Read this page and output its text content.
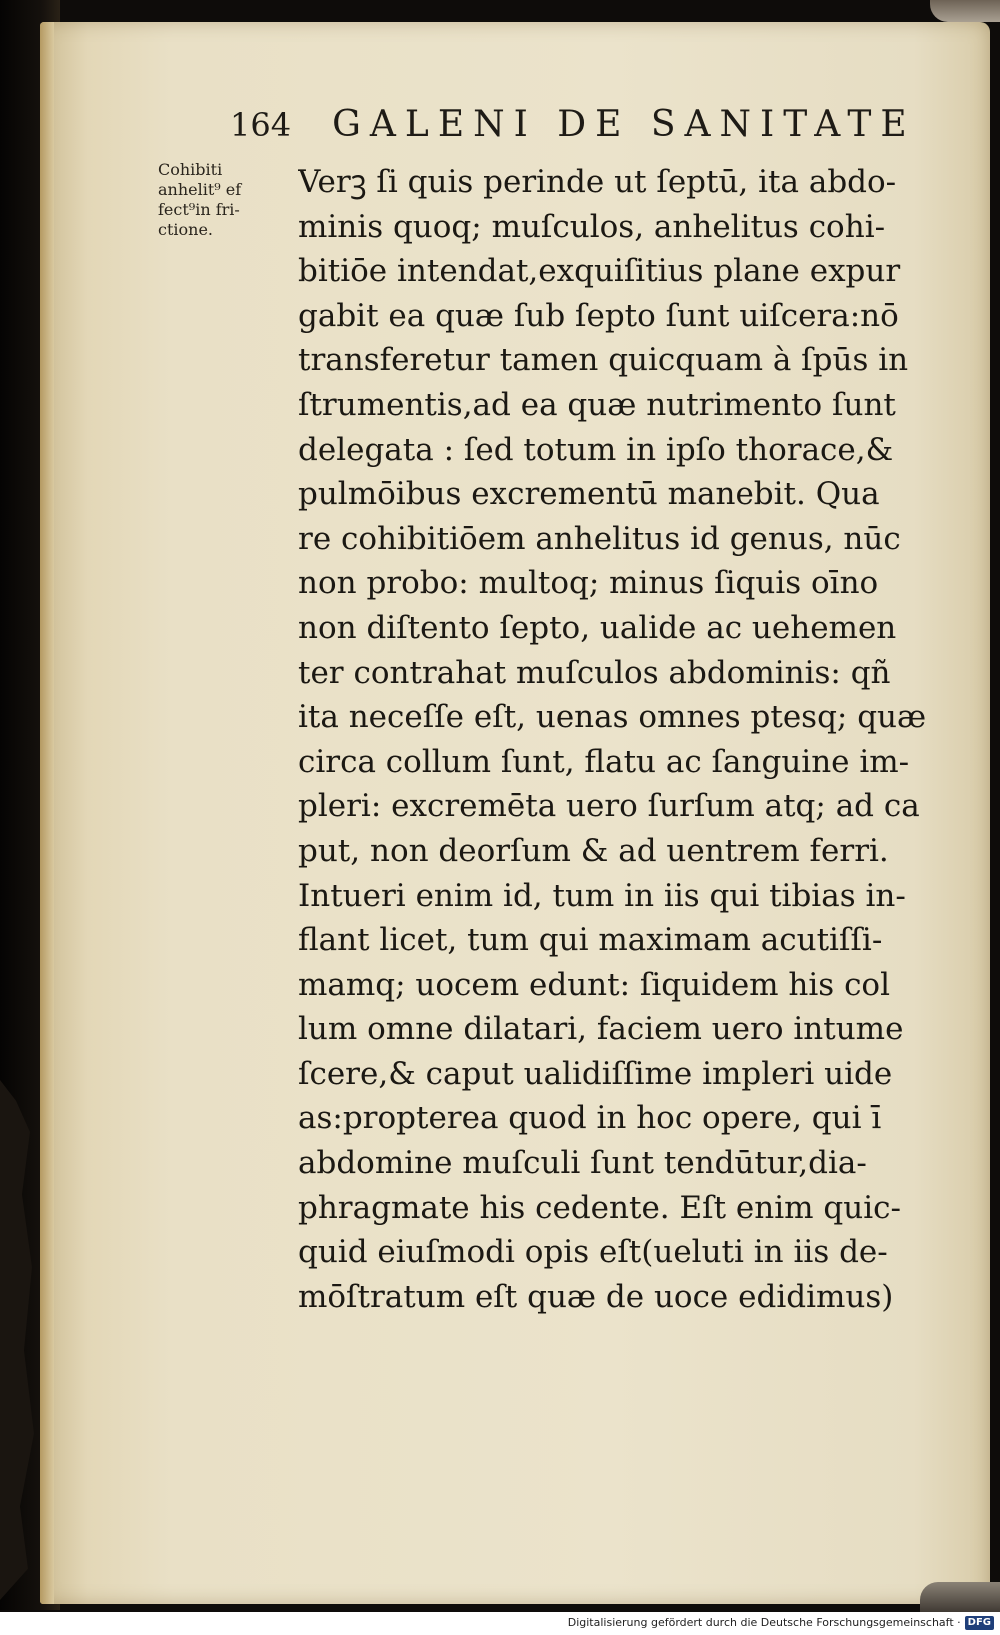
164 GALENI DE SANITATE
Cohibiti
anhelit⁹ ef
fect⁹in fri-
ctione.
Verꝫ ſi quis perinde ut ſeptū, ita abdo-
minis quoq; muſculos, anhelitus cohi-
bitiōe intendat,exquiſitius plane expur
gabit ea quæ ſub ſepto ſunt uiſcera:nō
transferetur tamen quicquam à ſpūs in
ſtrumentis,ad ea quæ nutrimento ſunt
delegata : ſed totum in ipſo thorace,&
pulmōibus excrementū manebit. Qua
re cohibitiōem anhelitus id genus, nūc
non probo: multoq; minus ſiquis oīno
non diſtento ſepto, ualide ac uehemen
ter contrahat muſculos abdominis: qñ
ita neceſſe eſt, uenas omnes ptesq; quæ
circa collum ſunt, flatu ac ſanguine im-
pleri: excremēta uero ſurſum atq; ad ca
put, non deorſum & ad uentrem ferri.
Intueri enim id, tum in iis qui tibias in-
flant licet, tum qui maximam acutiſſi-
mamq; uocem edunt: ſiquidem his col
lum omne dilatari, faciem uero intume
ſcere,& caput ualidiſſime impleri uide
as:propterea quod in hoc opere, qui ī
abdomine muſculi ſunt tendūtur,dia-
phragmate his cedente. Eſt enim quic-
quid eiuſmodi opis eſt(ueluti in iis de-
mōſtratum eſt quæ de uoce edidimus)
Digitalisierung gefördert durch die Deutsche Forschungsgemeinschaft · DFG
